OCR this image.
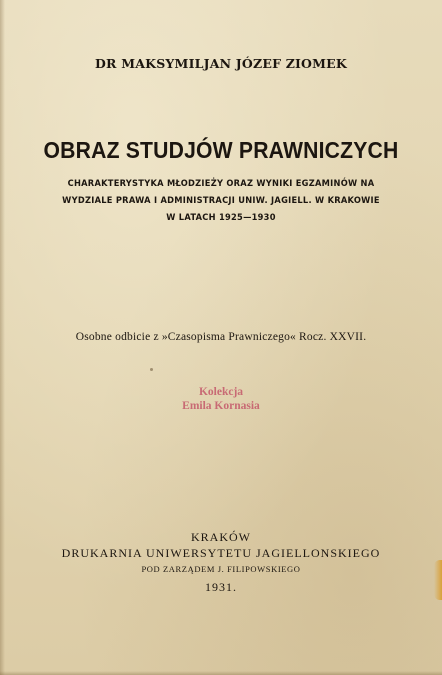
DR MAKSYMILJAN JÓZEF ZIOMEK
OBRAZ STUDJÓW PRAWNICZYCH
CHARAKTERYSTYKA MŁODZIEŻY ORAZ WYNIKI EGZAMINÓW NA
WYDZIALE PRAWA I ADMINISTRACJI UNIW. JAGIELL. W KRAKOWIE
W LATACH 1925—1930
Osobne odbicie z »Czasopisma Prawniczego« Rocz. XXVII.
Kolekcja
Emila Kornasia
KRAKÓW
DRUKARNIA UNIWERSYTETU JAGIELLONSKIEGO
POD ZARZĄDEM J. FILIPOWSKIEGO
1931.
